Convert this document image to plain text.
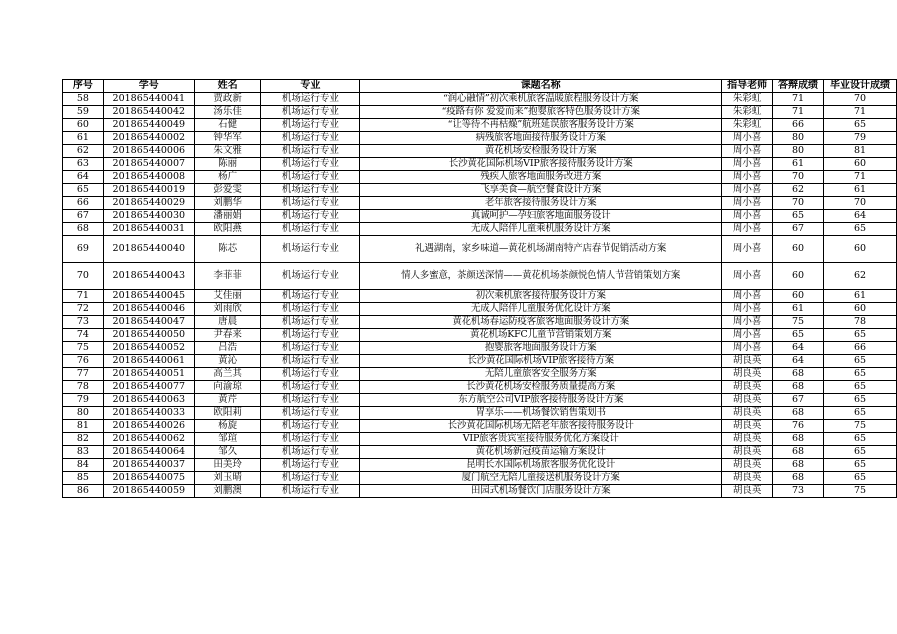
序号	学号	姓名	专业	课题名称	指导老师	答辩成绩	毕业设计成绩
58	201865440041	贾政新	机场运行专业	“润心融情”初次乘机旅客温暖旅程服务设计方案	朱彩虹	71	70
59	201865440042	汤乐佳	机场运行专业	“疫路有你 爱爱而来”抱婴旅客特色服务设计方案	朱彩虹	71	71
60	201865440049	石健	机场运行专业	“让等待不再枯燥”航班延误旅客服务设计方案	朱彩虹	66	65
61	201865440002	钟华军	机场运行专业	病残旅客地面接待服务设计方案	周小喜	80	79
62	201865440006	朱文雅	机场运行专业	黄花机场安检服务设计方案	周小喜	80	81
63	201865440007	陈丽	机场运行专业	长沙黄花国际机场VIP旅客接待服务设计方案	周小喜	61	60
64	201865440008	杨广	机场运行专业	残疾人旅客地面服务改进方案	周小喜	70	71
65	201865440019	彭爱雯	机场运行专业	飞享美食—航空餐食设计方案	周小喜	62	61
66	201865440029	刘鹏华	机场运行专业	老年旅客接待服务设计方案	周小喜	70	70
67	201865440030	潘丽娟	机场运行专业	真诚呵护—孕妇旅客地面服务设计	周小喜	65	64
68	201865440031	欧阳燕	机场运行专业	无成人陪伴儿童乘机服务设计方案	周小喜	67	65
69	201865440040	陈芯	机场运行专业	礼遇湖南，家乡味道—黄花机场湖南特产店春节促销活动方案	周小喜	60	60
70	201865440043	李菲菲	机场运行专业	情人多蜜意，茶颜送深情——黄花机场茶颜悦色情人节营销策划方案	周小喜	60	62
71	201865440045	艾佳丽	机场运行专业	初次乘机旅客接待服务设计方案	周小喜	60	61
72	201865440046	刘雨欣	机场运行专业	无成人陪伴儿童服务优化设计方案	周小喜	61	60
73	201865440047	唐晨	机场运行专业	黄花机场春运防疫客旅客地面服务设计方案	周小喜	75	78
74	201865440050	尹春来	机场运行专业	黄花机场KFC儿童节营销策划方案	周小喜	65	65
75	201865440052	吕浩	机场运行专业	抱婴旅客地面服务设计方案	周小喜	64	66
76	201865440061	黄沁	机场运行专业	长沙黄花国际机场VIP旅客接待方案	胡良英	64	65
77	201865440051	高兰其	机场运行专业	无陪儿童旅客安全服务方案	胡良英	68	65
78	201865440077	向渝琼	机场运行专业	长沙黄花机场安检服务质量提高方案	胡良英	68	65
79	201865440063	黄芹	机场运行专业	东方航空公司VIP旅客接待服务设计方案	胡良英	67	65
80	201865440033	欧阳莉	机场运行专业	胃享乐——机场餐饮销售策划书	胡良英	68	65
81	201865440026	杨旋	机场运行专业	长沙黄花国际机场无陪老年旅客接待服务设计	胡良英	76	75
82	201865440062	邹瑄	机场运行专业	VIP旅客贵宾室接待服务优化方案设计	胡良英	68	65
83	201865440064	邹久	机场运行专业	黄花机场新冠疫苗运输方案设计	胡良英	68	65
84	201865440037	田美玲	机场运行专业	昆明长水国际机场旅客服务优化设计	胡良英	68	65
85	201865440075	刘玉晴	机场运行专业	厦门航空无陪儿童接送机服务设计方案	胡良英	68	65
86	201865440059	刘鹏澳	机场运行专业	田园式机场餐饮门店服务设计方案	胡良英	73	75
